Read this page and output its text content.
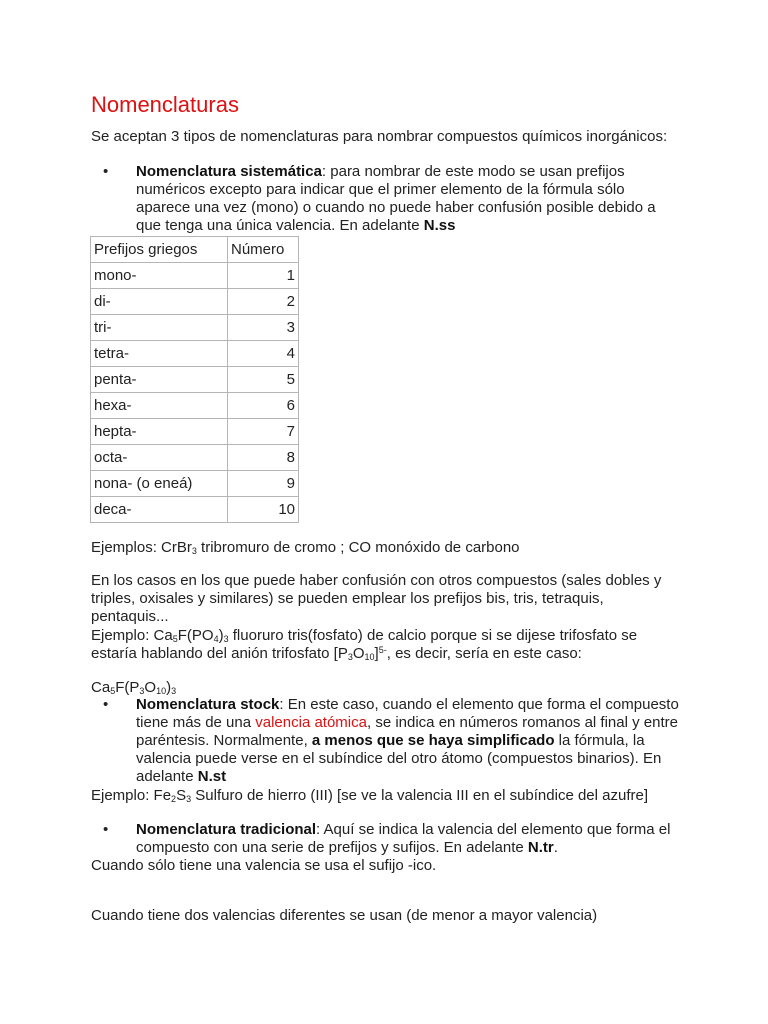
Nomenclaturas

Se aceptan 3 tipos de nomenclaturas para nombrar compuestos químicos inorgánicos:

• Nomenclatura sistemática: para nombrar de este modo se usan prefijos numéricos excepto para indicar que el primer elemento de la fórmula sólo aparece una vez (mono) o cuando no puede haber confusión posible debido a que tenga una única valencia. En adelante N.ss
Prefijos griegos	Número
mono-	1
di-	2
tri-	3
tetra-	4
penta-	5
hexa-	6
hepta-	7
octa-	8
nona- (o eneá)	9
deca-	10

Ejemplos: CrBr$_3$ tribromuro de cromo ; CO monóxido de carbono

En los casos en los que puede haber confusión con otros compuestos (sales dobles y triples, oxisales y similares) se pueden emplear los prefijos bis, tris, tetraquis, pentaquis...

Ejemplo: $Ca_5F(PO_4)_3$ fluoruro tris(fosfato) de calcio porque si se dijese trifosfato se estaría hablando del anión trifosfato $[P_3O_{10}]^{5-}$, es decir, sería en este caso:

$Ca_5F(P_3O_{10})_3$

• Nomenclatura stock: En este caso, cuando el elemento que forma el compuesto tiene más de una valencia atómica, se indica en números romanos al final y entre paréntesis. Normalmente, a menos que se haya simplificado la fórmula, la valencia puede verse en el subíndice del otro átomo (compuestos binarios). En adelante N.st

Ejemplo: $Fe_2S_3$ Sulfuro de hierro (III) [se ve la valencia III en el subíndice del azufre]

• Nomenclatura tradicional: Aquí se indica la valencia del elemento que forma el compuesto con una serie de prefijos y sufijos. En adelante N.tr.

Cuando sólo tiene una valencia se usa el sufijo -ico.

Cuando tiene dos valencias diferentes se usan (de menor a mayor valencia)
